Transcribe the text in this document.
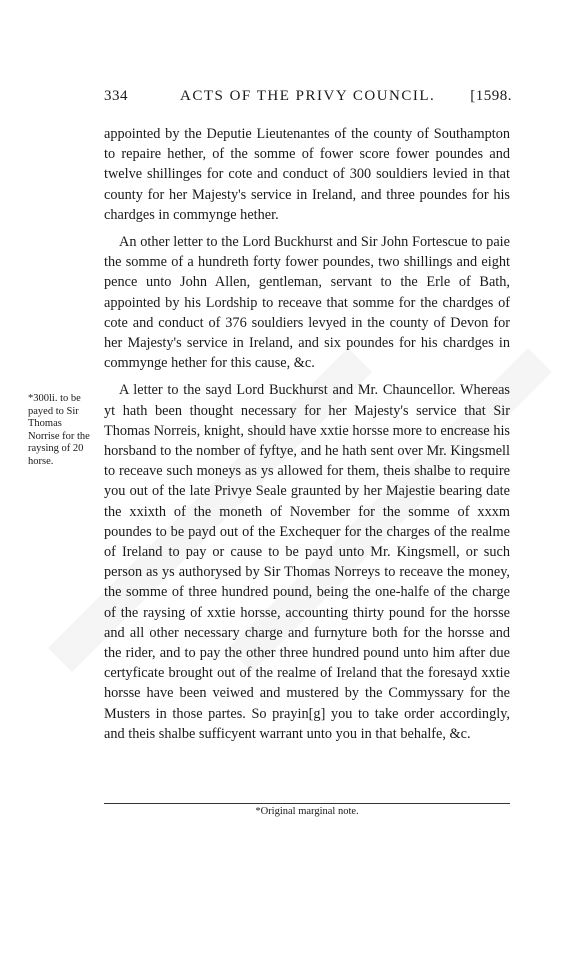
334	ACTS OF THE PRIVY COUNCIL. [1598.

appointed by the Deputie Lieutenantes of the county of Southampton to repaire hether, of the somme of fower score fower poundes and twelve shillinges for cote and conduct of 300 souldiers levied in that county for her Majesty's service in Ireland, and three poundes for his chardges in commynge hether.

An other letter to the Lord Buckhurst and Sir John Fortescue to paie the somme of a hundreth forty fower poundes, two shillings and eight pence unto John Allen, gentleman, servant to the Erle of Bath, appointed by his Lordship to receave that somme for the chardges of cote and conduct of 376 souldiers levyed in the county of Devon for her Majesty's service in Ireland, and six poundes for his chardges in commynge hether for this cause, &c.

A letter to the sayd Lord Buckhurst and Mr. Chauncellor. Whereas yt hath been thought necessary for her Majesty's service that Sir Thomas Norreis, knight, should have xxtie horsse more to encrease his horsband to the nomber of fyftye, and he hath sent over Mr. Kingsmell to receave such moneys as ys allowed for them, theis shalbe to require you out of the late Privye Seale graunted by her Majestie bearing date the xxixth of the moneth of November for the somme of xxxm poundes to be payd out of the Exchequer for the charges of the realme of Ireland to pay or cause to be payd unto Mr. Kingsmell, or such person as ys authorysed by Sir Thomas Norreys to receave the money, the somme of three hundred pound, being the one-halfe of the charge of the raysing of xxtie horsse, accounting thirty pound for the horsse and all other necessary charge and furnyture both for the horsse and the rider, and to pay the other three hundred pound unto him after due certyficate brought out of the realme of Ireland that the foresayd xxtie horsse have been veiwed and mustered by the Commyssary for the Musters in those partes. So prayin[g] you to take order accordingly, and theis shalbe sufficyent warrant unto you in that behalfe, &c.

*300li. to be payed to Sir Thomas Norrise for the raysing of 20 horse.
*Original marginal note.
